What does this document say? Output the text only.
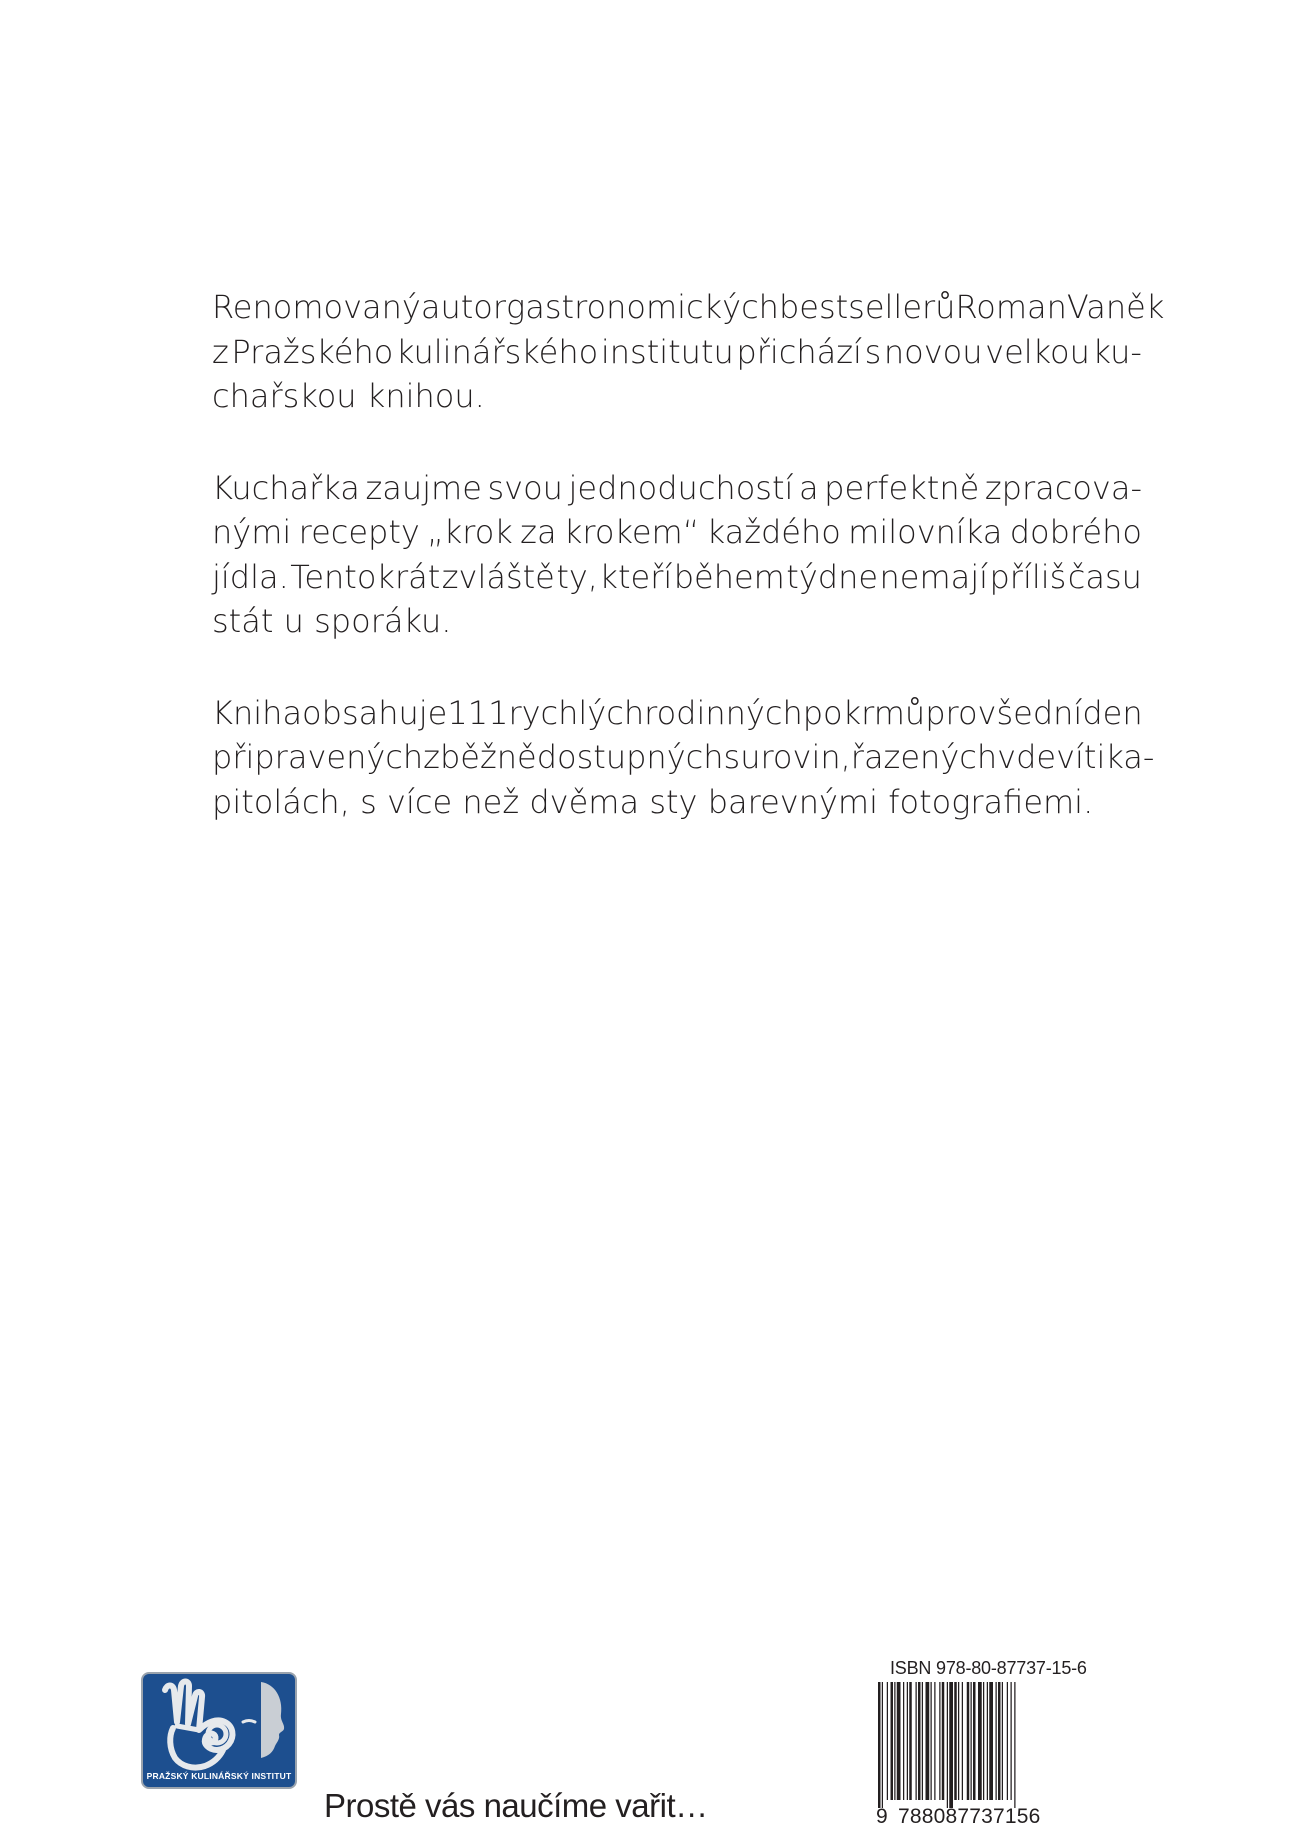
Renomovaný autor gastronomických bestsellerů Roman Vaněk
z Pražského kulinářského institutu přichází s novou velkou ku-
chařskou knihou.
Kuchařka zaujme svou jednoduchostí a perfektně zpracova-
nými recepty „krok za krokem“ každého milovníka dobrého
jídla. Tentokrát zvláště ty, kteří během týdne nemají příliš času
stát u sporáku.
Kniha obsahuje 111 rychlých rodinných pokrmů pro všední den
připravených z běžně dostupných surovin, řazených v devíti ka-
pitolách, s více než dvěma sty barevnými fotografiemi.
PRAŽSKÝ KULINÁŘSKÝ INSTITUT
Prostě vás naučíme vařit…
ISBN 978-80-87737-15-6
9 788087737156
